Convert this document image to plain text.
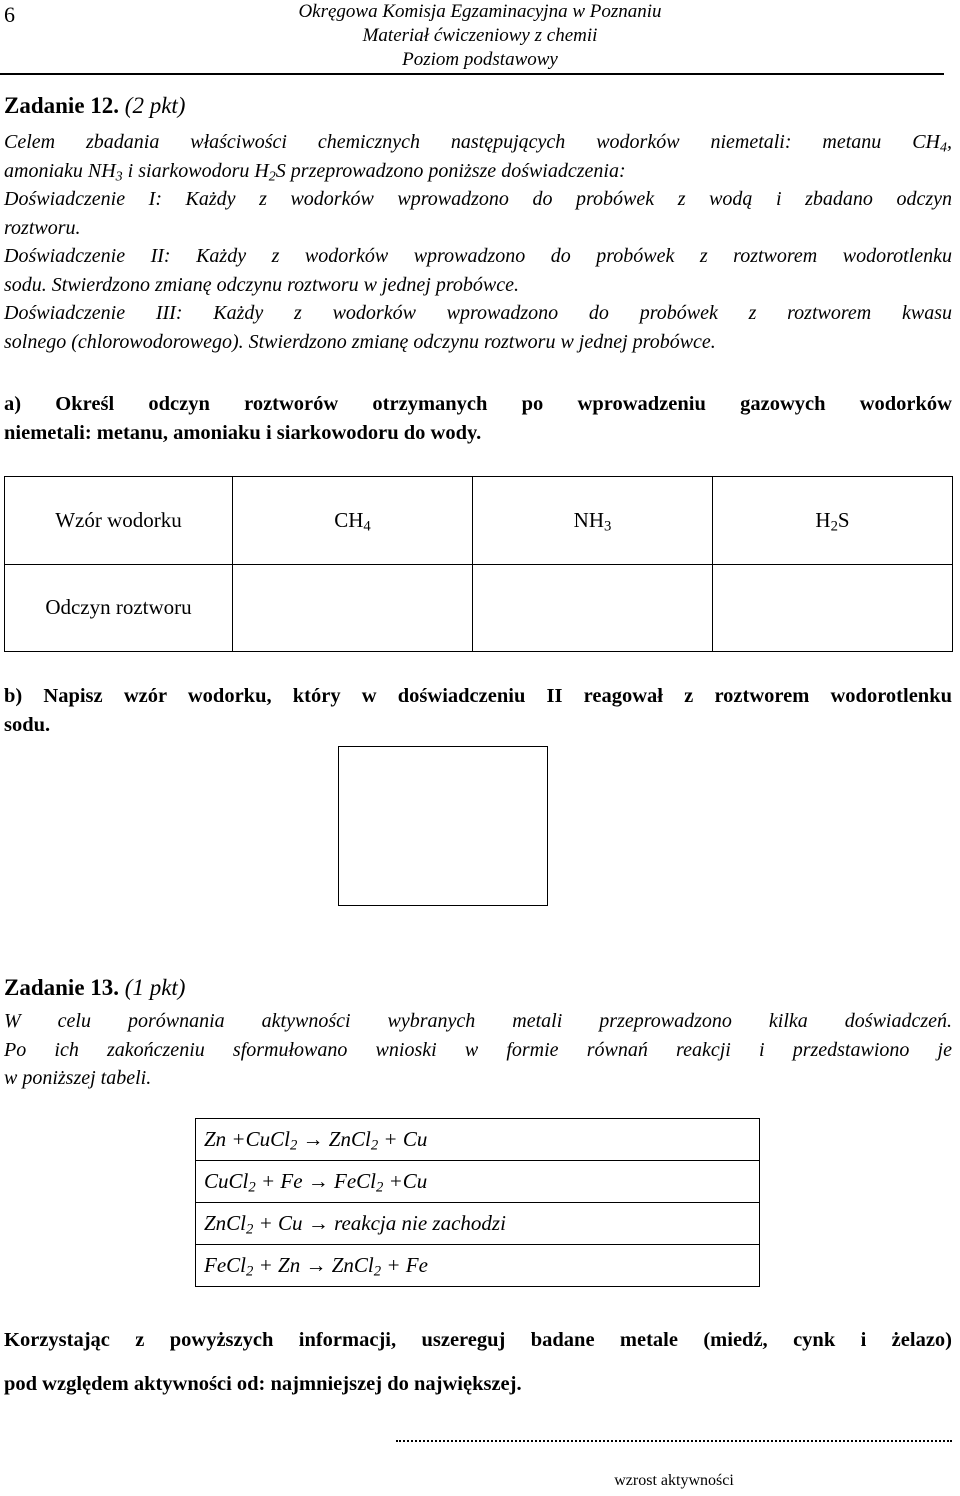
6	Okręgowa Komisja Egzaminacyjna w Poznaniu
Materiał ćwiczeniowy z chemii
Poziom podstawowy
Zadanie 12. (2 pkt)
Celem zbadania właściwości chemicznych następujących wodorków niemetali: metanu $CH_4$,
amoniaku $NH_3$ i siarkowodoru $H_2S$ przeprowadzono poniższe doświadczenia:
Doświadczenie I: Każdy z wodorków wprowadzono do probówek z wodą i zbadano odczyn
roztworu.
Doświadczenie II: Każdy z wodorków wprowadzono do probówek z roztworem wodorotlenku
sodu. Stwierdzono zmianę odczynu roztworu w jednej probówce.
Doświadczenie III: Każdy z wodorków wprowadzono do probówek z roztworem kwasu
solnego (chlorowodorowego). Stwierdzono zmianę odczynu roztworu w jednej probówce.
a) Określ odczyn roztworów otrzymanych po wprowadzeniu gazowych wodorków
niemetali: metanu, amoniaku i siarkowodoru do wody.
Wzór wodorku	$CH_4$	$NH_3$	$H_2S$
Odczyn roztworu			
b) Napisz wzór wodorku, który w doświadczeniu II reagował z roztworem wodorotlenku
sodu.
Zadanie 13. (1 pkt)
W celu porównania aktywności wybranych metali przeprowadzono kilka doświadczeń.
Po ich zakończeniu sformułowano wnioski w formie równań reakcji i przedstawiono je
w poniższej tabeli.
Zn +CuCl$_2$ → ZnCl$_2$ + Cu
CuCl$_2$ + Fe → FeCl$_2$ +Cu
ZnCl$_2$ + Cu → reakcja nie zachodzi
FeCl$_2$ + Zn → ZnCl$_2$ + Fe
Korzystając z powyższych informacji, uszereguj badane metale (miedź, cynk i żelazo)
pod względem aktywności od: najmniejszej do największej.
wzrost aktywności
